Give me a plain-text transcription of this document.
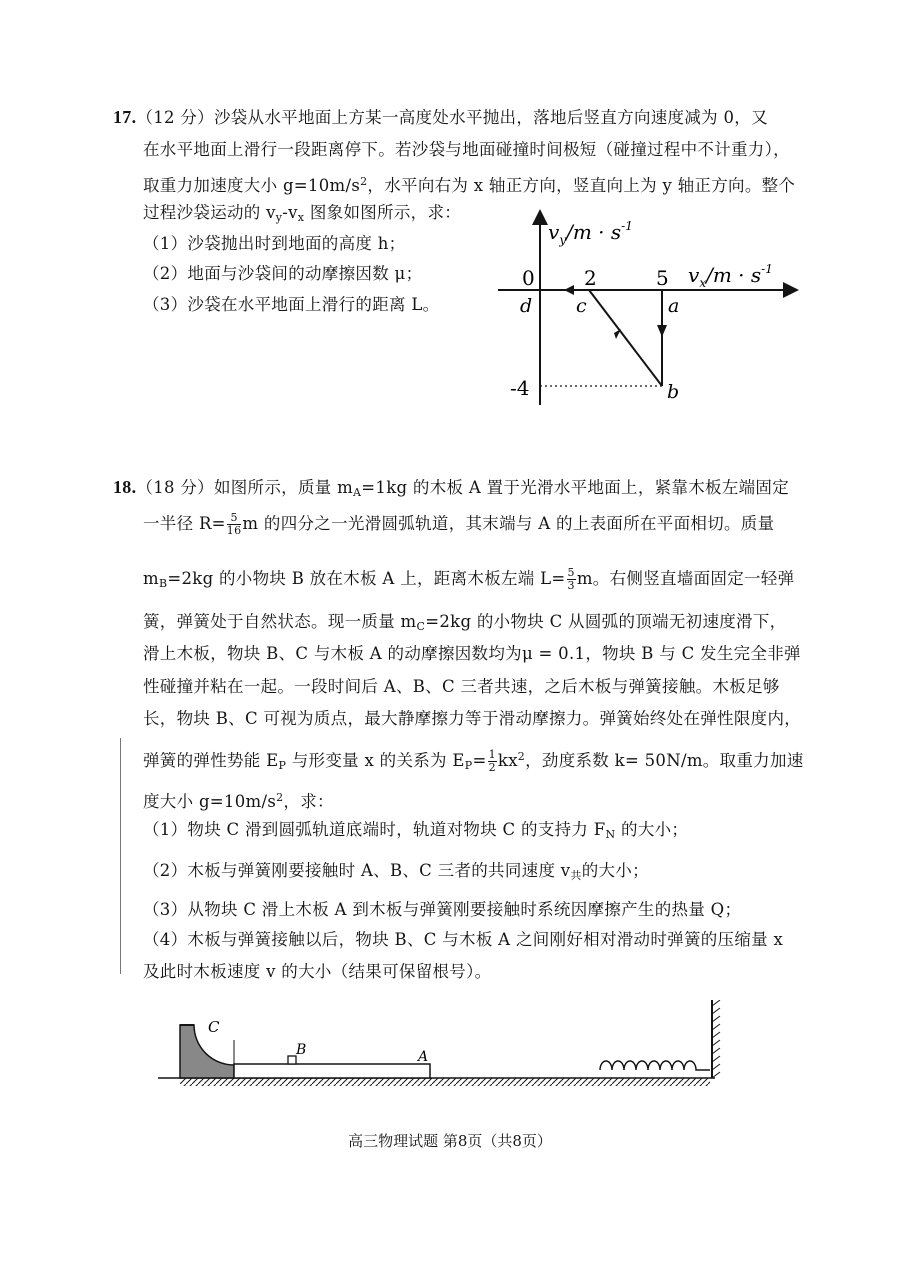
17.（12 分）沙袋从水平地面上方某一高度处水平抛出，落地后竖直方向速度减为 0，又
在水平地面上滑行一段距离停下。若沙袋与地面碰撞时间极短（碰撞过程中不计重力），
取重力加速度大小 $g=10m/s^2$，水平向右为 x 轴正方向，竖直向上为 y 轴正方向。整个
过程沙袋运动的 $v_y-v_x$ 图象如图所示，求：
（1）沙袋抛出时到地面的高度 h；
（2）地面与沙袋间的动摩擦因数 μ；
（3）沙袋在水平地面上滑行的距离 L。
$v_y/m \cdot s^{-1}$
$v_x/m \cdot s^{-1}$
0 2	5
-4
a
b
c
d
18.（18 分）如图所示，质量 $m_A=1kg$ 的木板 A 置于光滑水平地面上，紧靠木板左端固定
一半径 $R= \frac{5}{16}$ m 的四分之一光滑圆弧轨道，其末端与 A 的上表面所在平面相切。质量
$m_B=2kg$ 的小物块 B 放在木板 A 上，距离木板左端 $L= \frac{5}{3}$ m。右侧竖直墙面固定一轻弹
簧，弹簧处于自然状态。现一质量 $m_C=2kg$ 的小物块 C 从圆弧的顶端无初速度滑下，
滑上木板，物块 B、C 与木板 A 的动摩擦因数均为μ = 0.1，物块 B 与 C 发生完全非弹
性碰撞并粘在一起。一段时间后 A、B、C 三者共速，之后木板与弹簧接触。木板足够
长，物块 B、C 可视为质点，最大静摩擦力等于滑动摩擦力。弹簧始终处在弹性限度内，
弹簧的弹性势能 $E_P$ 与形变量 x 的关系为 $E_P= \frac{1}{2} kx^2$，劲度系数 k= 50N/m。取重力加速
度大小 $g=10m/s^2$，求：
（1）物块 C 滑到圆弧轨道底端时，轨道对物块 C 的支持力 $F_N$ 的大小；
（2）木板与弹簧刚要接触时 A、B、C 三者的共同速度 $v_共$的大小；
（3）从物块 C 滑上木板 A 到木板与弹簧刚要接触时系统因摩擦产生的热量 Q；
（4）木板与弹簧接触以后，物块 B、C 与木板 A 之间刚好相对滑动时弹簧的压缩量 x
及此时木板速度 v 的大小（结果可保留根号）。
C
B	A
高三物理试题 第8页（共8页）
